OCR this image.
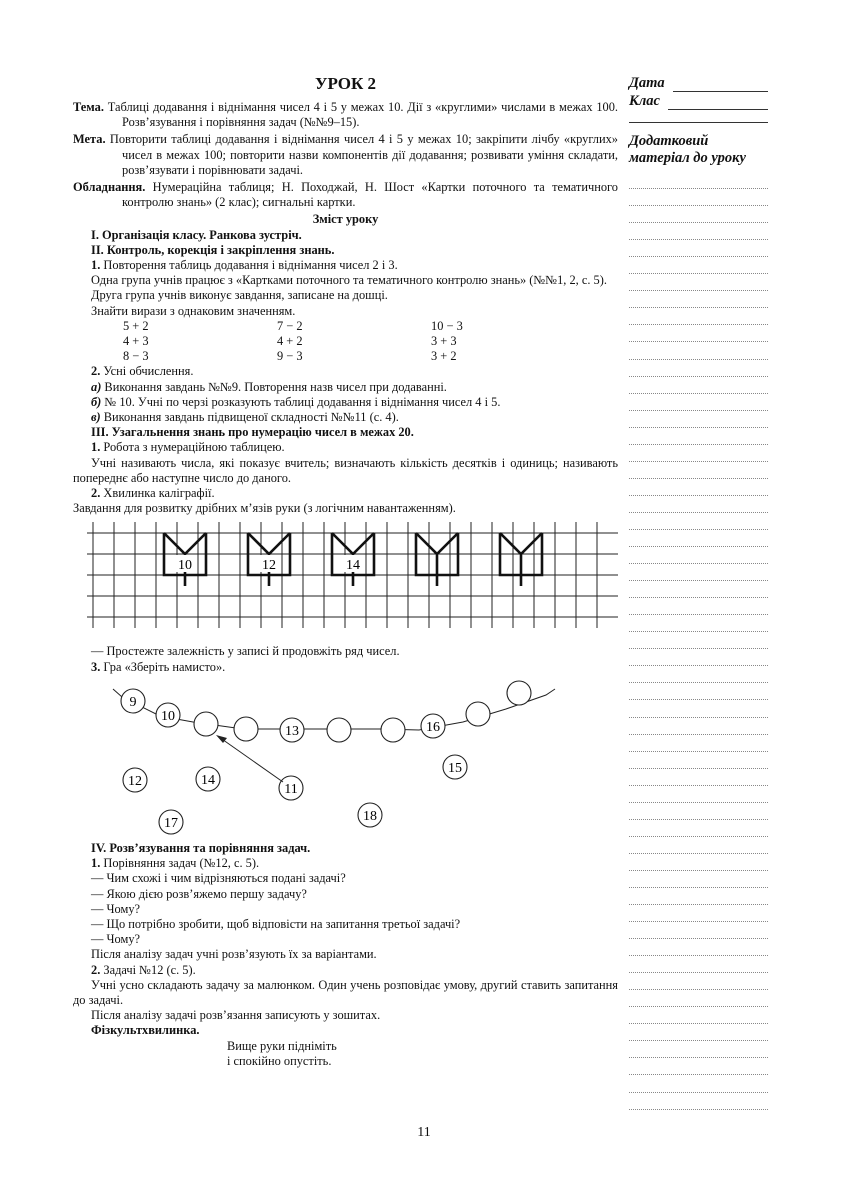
УРОК 2

Тема. Таблиці додавання і віднімання чисел 4 і 5 у межах 10. Дії з «круглими» числами в межах 100. Розв’язування і порівняння задач (№№9–15).

Мета. Повторити таблиці додавання і віднімання чисел 4 і 5 у межах 10; закріпити лічбу «круглих» чисел в межах 100; повторити назви компонентів дії додавання; розвивати уміння складати, розв’язувати і порівнювати задачі.

Обладнання. Нумераційна таблиця; Н. Походжай, Н. Шост «Картки поточного та тематичного контролю знань» (2 клас); сигнальні картки.

Зміст уроку

I. Організація класу. Ранкова зустріч.

II. Контроль, корекція і закріплення знань.

1. Повторення таблиць додавання і віднімання чисел 2 і 3.

Одна група учнів працює з «Картками поточного та тематичного контролю знань» (№№1, 2, с. 5).

Друга група учнів виконує завдання, записане на дошці.

Знайти вирази з однаковим значенням.

5 + 2	7 − 2	10 − 3
4 + 3	4 + 2	3 + 3
8 − 3	9 − 3	3 + 2

2. Усні обчислення.

а) Виконання завдань №№9. Повторення назв чисел при додаванні.

б) № 10. Учні по черзі розказують таблиці додавання і віднімання чисел 4 і 5.

в) Виконання завдань підвищеної складності №№11 (с. 4).

III. Узагальнення знань про нумерацію чисел в межах 20.

1. Робота з нумераційною таблицею.

Учні називають числа, які показує вчитель; визначають кількість десятків і одиниць; називають попереднє або наступне число до даного.

2. Хвилинка каліграфії.

Завдання для розвитку дрібних м’язів руки (з логічним навантаженням).

10	12	14

— Простежте залежність у записі й продовжіть ряд чисел.

3. Гра «Зберіть намисто».

9
10
13	16
12	14
11
15
17	18

IV. Розв’язування та порівняння задач.

1. Порівняння задач (№12, с. 5).

— Чим схожі і чим відрізняються подані задачі?

— Якою дією розв’яжемо першу задачу?

— Чому?

— Що потрібно зробити, щоб відповісти на запитання третьої задачі?

— Чому?

Після аналізу задач учні розв’язують їх за варіантами.

2. Задачі №12 (с. 5).

Учні усно складають задачу за малюнком. Один учень розповідає умову, другий ставить запитання до задачі.

Після аналізу задачі розв’язання записують у зошитах.

Фізкультхвилинка.

Вище руки підніміть

і спокійно опустіть.

Дата
Клас
Додатковий матеріал до уроку
11
